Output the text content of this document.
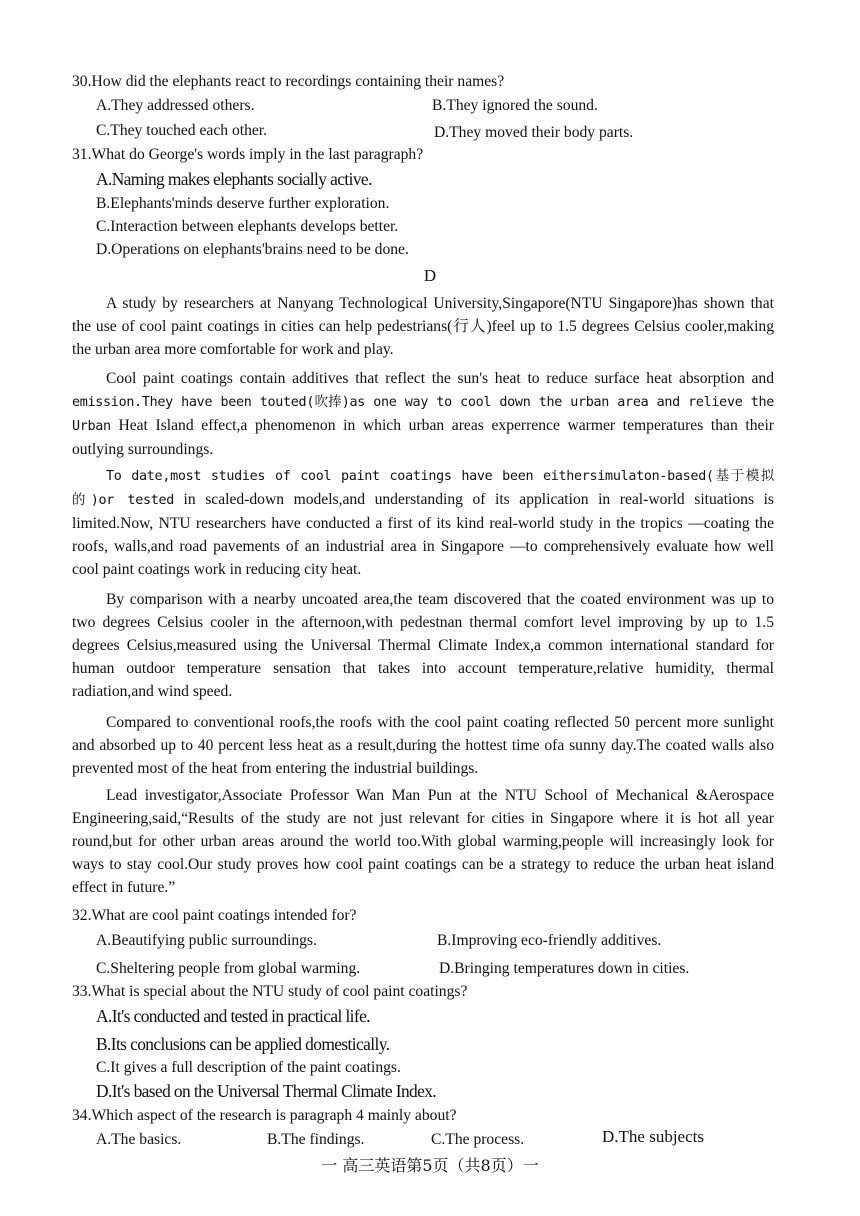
30.How did the elephants react to recordings containing their names?
A.They addressed others.	B.They ignored the sound.
C.They touched each other.	D.They moved their body parts.
31.What do George's words imply in the last paragraph?
A.Naming makes elephants socially active.
B.Elephants'minds deserve further exploration.
C.Interaction between elephants develops better.
D.Operations on elephants'brains need to be done.
D
A study by researchers at Nanyang Technological University,Singapore(NTU Singapore)has shown that the use of cool paint coatings in cities can help pedestrians(行人)feel up to 1.5 degrees Celsius cooler,making the urban area more comfortable for work and play.
Cool paint coatings contain additives that reflect the sun's heat to reduce surface heat absorption and emission.They have been touted(吹捧)as one way to cool down the urban area and relieve the Urban Heat Island effect,a phenomenon in which urban areas experrence warmer temperatures than their outlying surroundings.
To date,most studies of cool paint coatings have been eithersimulaton-based(基于模拟的)or tested in scaled-down models,and understanding of its application in real-world situations is limited.Now, NTU researchers have conducted a first of its kind real-world study in the tropics —coating the roofs, walls,and road pavements of an industrial area in Singapore —to comprehensively evaluate how well cool paint coatings work in reducing city heat.
By comparison with a nearby uncoated area,the team discovered that the coated environment was up to two degrees Celsius cooler in the afternoon,with pedestnan thermal comfort level improving by up to 1.5 degrees Celsius,measured using the Universal Thermal Climate Index,a common international standard for human outdoor temperature sensation that takes into account temperature,relative humidity, thermal radiation,and wind speed.
Compared to conventional roofs,the roofs with the cool paint coating reflected 50 percent more sunlight and absorbed up to 40 percent less heat as a result,during the hottest time ofa sunny day.The coated walls also prevented most of the heat from entering the industrial buildings.
Lead investigator,Associate Professor Wan Man Pun at the NTU School of Mechanical &Aerospace Engineering,said,“Results of the study are not just relevant for cities in Singapore where it is hot all year round,but for other urban areas around the world too.With global warming,people will increasingly look for ways to stay cool.Our study proves how cool paint coatings can be a strategy to reduce the urban heat island effect in future.”
32.What are cool paint coatings intended for?
A.Beautifying public surroundings.	B.Improving eco-friendly additives.
C.Sheltering people from global warming.	D.Bringing temperatures down in cities.
33.What is special about the NTU study of cool paint coatings?
A.It's conducted and tested in practical life.
B.Its conclusions can be applied domestically.
C.It gives a full description of the paint coatings.
D.It's based on the Universal Thermal Climate Index.
34.Which aspect of the research is paragraph 4 mainly about?
A.The basics.	B.The findings.	C.The process.	D.The subjects
一 高三英语第5页（共8页）一
